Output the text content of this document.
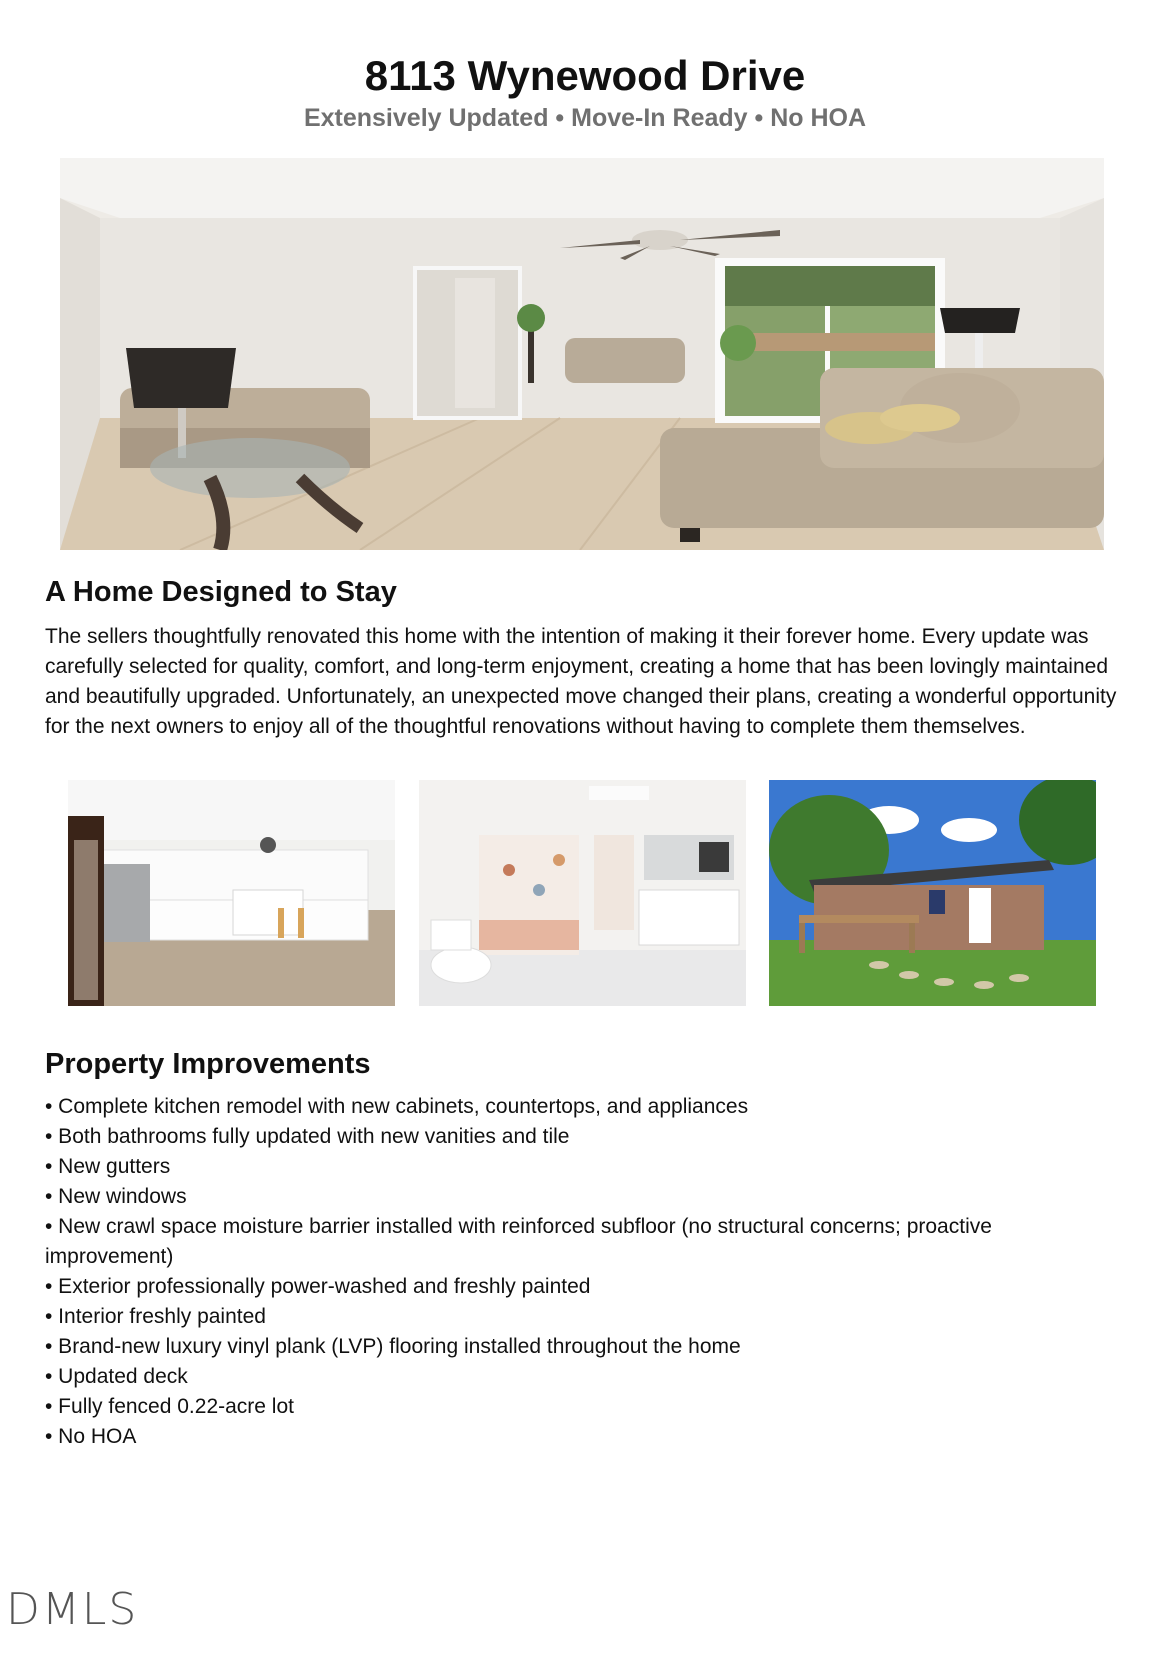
8113 Wynewood Drive

Extensively Updated • Move-In Ready • No HOA

A Home Designed to Stay

The sellers thoughtfully renovated this home with the intention of making it their forever home. Every update was carefully selected for quality, comfort, and long-term enjoyment, creating a home that has been lovingly maintained and beautifully upgraded. Unfortunately, an unexpected move changed their plans, creating a wonderful opportunity for the next owners to enjoy all of the thoughtful renovations without having to complete them themselves.

Property Improvements
• Complete kitchen remodel with new cabinets, countertops, and appliances
• Both bathrooms fully updated with new vanities and tile
• New gutters
• New windows
• New crawl space moisture barrier installed with reinforced subfloor (no structural concerns; proactive improvement)
• Exterior professionally power-washed and freshly painted
• Interior freshly painted
• Brand-new luxury vinyl plank (LVP) flooring installed throughout the home
• Updated deck
• Fully fenced 0.22-acre lot
• No HOA
DMLS
